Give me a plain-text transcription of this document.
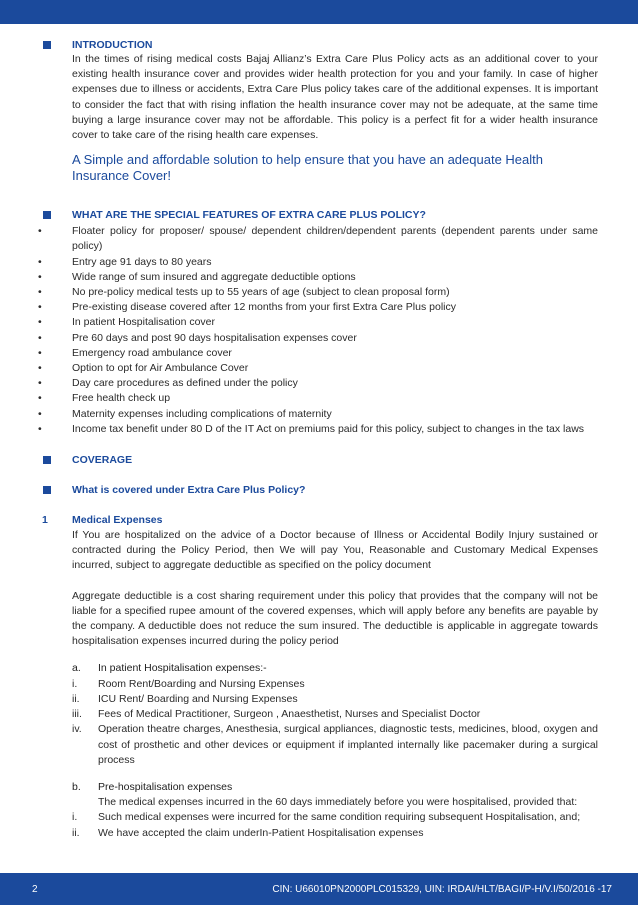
INTRODUCTION
In the times of rising medical costs Bajaj Allianz’s Extra Care Plus Policy acts as an additional cover to your existing health insurance cover and provides wider health protection for you and your family. In case of higher expenses due to illness or accidents, Extra Care Plus policy takes care of the additional expenses. It is important to consider the fact that with rising inflation the health insurance cover may not be adequate, at the same time buying a large insurance cover may not be affordable. This policy is a perfect fit for a wider health insurance cover to take care of the rising health care expenses.
A Simple and affordable solution to help ensure that you have an adequate Health Insurance Cover!
WHAT ARE THE SPECIAL FEATURES OF EXTRA CARE PLUS POLICY?
• Floater policy for proposer/ spouse/ dependent children/dependent parents (dependent parents under same policy)
• Entry age 91 days to 80 years
• Wide range of sum insured and aggregate deductible options
• No pre-policy medical tests up to 55 years of age (subject to clean proposal form)
• Pre-existing disease covered after 12 months from your first Extra Care Plus policy
• In patient Hospitalisation cover
• Pre 60 days and post 90 days hospitalisation expenses cover
• Emergency road ambulance cover
• Option to opt for Air Ambulance Cover
• Day care procedures as defined under the policy
• Free health check up
• Maternity expenses including complications of maternity
• Income tax benefit under 80 D of the IT Act on premiums paid for this policy, subject to changes in the tax laws
COVERAGE
What is covered under Extra Care Plus Policy?
1 Medical Expenses
If You are hospitalized on the advice of a Doctor because of Illness or Accidental Bodily Injury sustained or contracted during the Policy Period, then We will pay You, Reasonable and Customary Medical Expenses incurred, subject to aggregate deductible as specified on the policy document
Aggregate deductible is a cost sharing requirement under this policy that provides that the company will not be liable for a specified rupee amount of the covered expenses, which will apply before any benefits are payable by the company. A deductible does not reduce the sum insured. The deductible is applicable in aggregate towards hospitalisation expenses incurred during the policy period
a. In patient Hospitalisation expenses:-
i. Room Rent/Boarding and Nursing Expenses
ii. ICU Rent/ Boarding and Nursing Expenses
iii. Fees of Medical Practitioner, Surgeon , Anaesthetist, Nurses and Specialist Doctor
iv. Operation theatre charges, Anesthesia, surgical appliances, diagnostic tests, medicines, blood, oxygen and cost of prosthetic and other devices or equipment if implanted internally like pacemaker during a surgical process
b. Pre-hospitalisation expenses
The medical expenses incurred in the 60 days immediately before you were hospitalised, provided that:
i. Such medical expenses were incurred for the same condition requiring subsequent Hospitalisation, and;
ii. We have accepted the claim underIn-Patient Hospitalisation expenses
2	CIN: U66010PN2000PLC015329, UIN: IRDAI/HLT/BAGI/P-H/V.I/50/2016 -17
